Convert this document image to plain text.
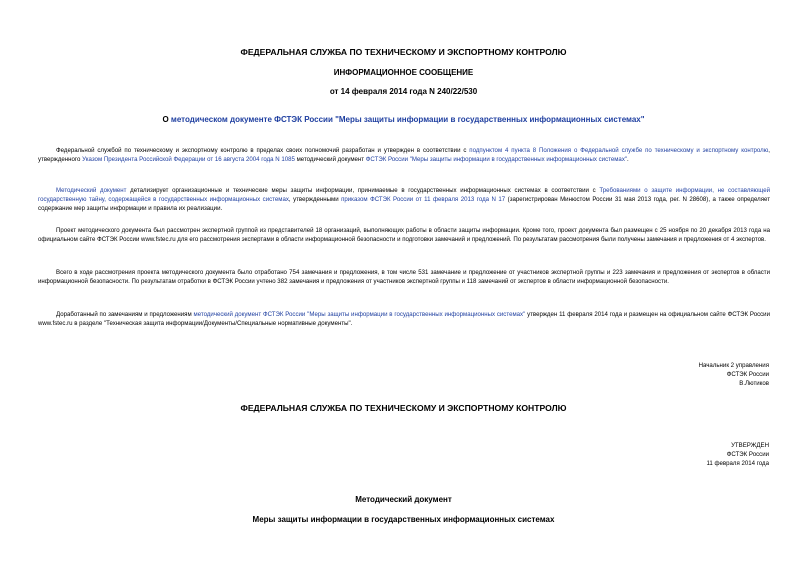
ФЕДЕРАЛЬНАЯ СЛУЖБА ПО ТЕХНИЧЕСКОМУ И ЭКСПОРТНОМУ КОНТРОЛЮ
ИНФОРМАЦИОННОЕ СООБЩЕНИЕ
от 14 февраля 2014 года N 240/22/530
О методическом документе ФСТЭК России "Меры защиты информации в государственных информационных системах"
Федеральной службой по техническому и экспортному контролю в пределах своих полномочий разработан и утвержден в соответствии с подпунктом 4 пункта 8 Положения о Федеральной службе по техническому и экспортному контролю, утвержденного Указом Президента Российской Федерации от 16 августа 2004 года N 1085 методический документ ФСТЭК России "Меры защиты информации в государственных информационных системах".
Методический документ детализирует организационные и технические меры защиты информации, принимаемые в государственных информационных системах в соответствии с Требованиями о защите информации, не составляющей государственную тайну, содержащейся в государственных информационных системах, утвержденными приказом ФСТЭК России от 11 февраля 2013 года N 17 (зарегистрирован Минюстом России 31 мая 2013 года, рег. N 28608), а также определяет содержание мер защиты информации и правила их реализации.
Проект методического документа был рассмотрен экспертной группой из представителей 18 организаций, выполняющих работы в области защиты информации. Кроме того, проект документа был размещен с 25 ноября по 20 декабря 2013 года на официальном сайте ФСТЭК России www.fstec.ru для его рассмотрения экспертами в области информационной безопасности и подготовки замечаний и предложений. По результатам рассмотрения были получены замечания и предложения от 4 экспертов.
Всего в ходе рассмотрения проекта методического документа было отработано 754 замечания и предложения, в том числе 531 замечание и предложение от участников экспертной группы и 223 замечания и предложения от экспертов в области информационной безопасности. По результатам отработки в ФСТЭК России учтено 382 замечания и предложения от участников экспертной группы и 118 замечаний от экспертов в области информационной безопасности.
Доработанный по замечаниям и предложениям методический документ ФСТЭК России "Меры защиты информации в государственных информационных системах" утвержден 11 февраля 2014 года и размещен на официальном сайте ФСТЭК России www.fstec.ru в разделе "Техническая защита информации/Документы/Специальные нормативные документы".
Начальник 2 управления
ФСТЭК России
В.Лютиков
ФЕДЕРАЛЬНАЯ СЛУЖБА ПО ТЕХНИЧЕСКОМУ И ЭКСПОРТНОМУ КОНТРОЛЮ
УТВЕРЖДЕН
ФСТЭК России
11 февраля 2014 года
Методический документ
Меры защиты информации в государственных информационных системах
